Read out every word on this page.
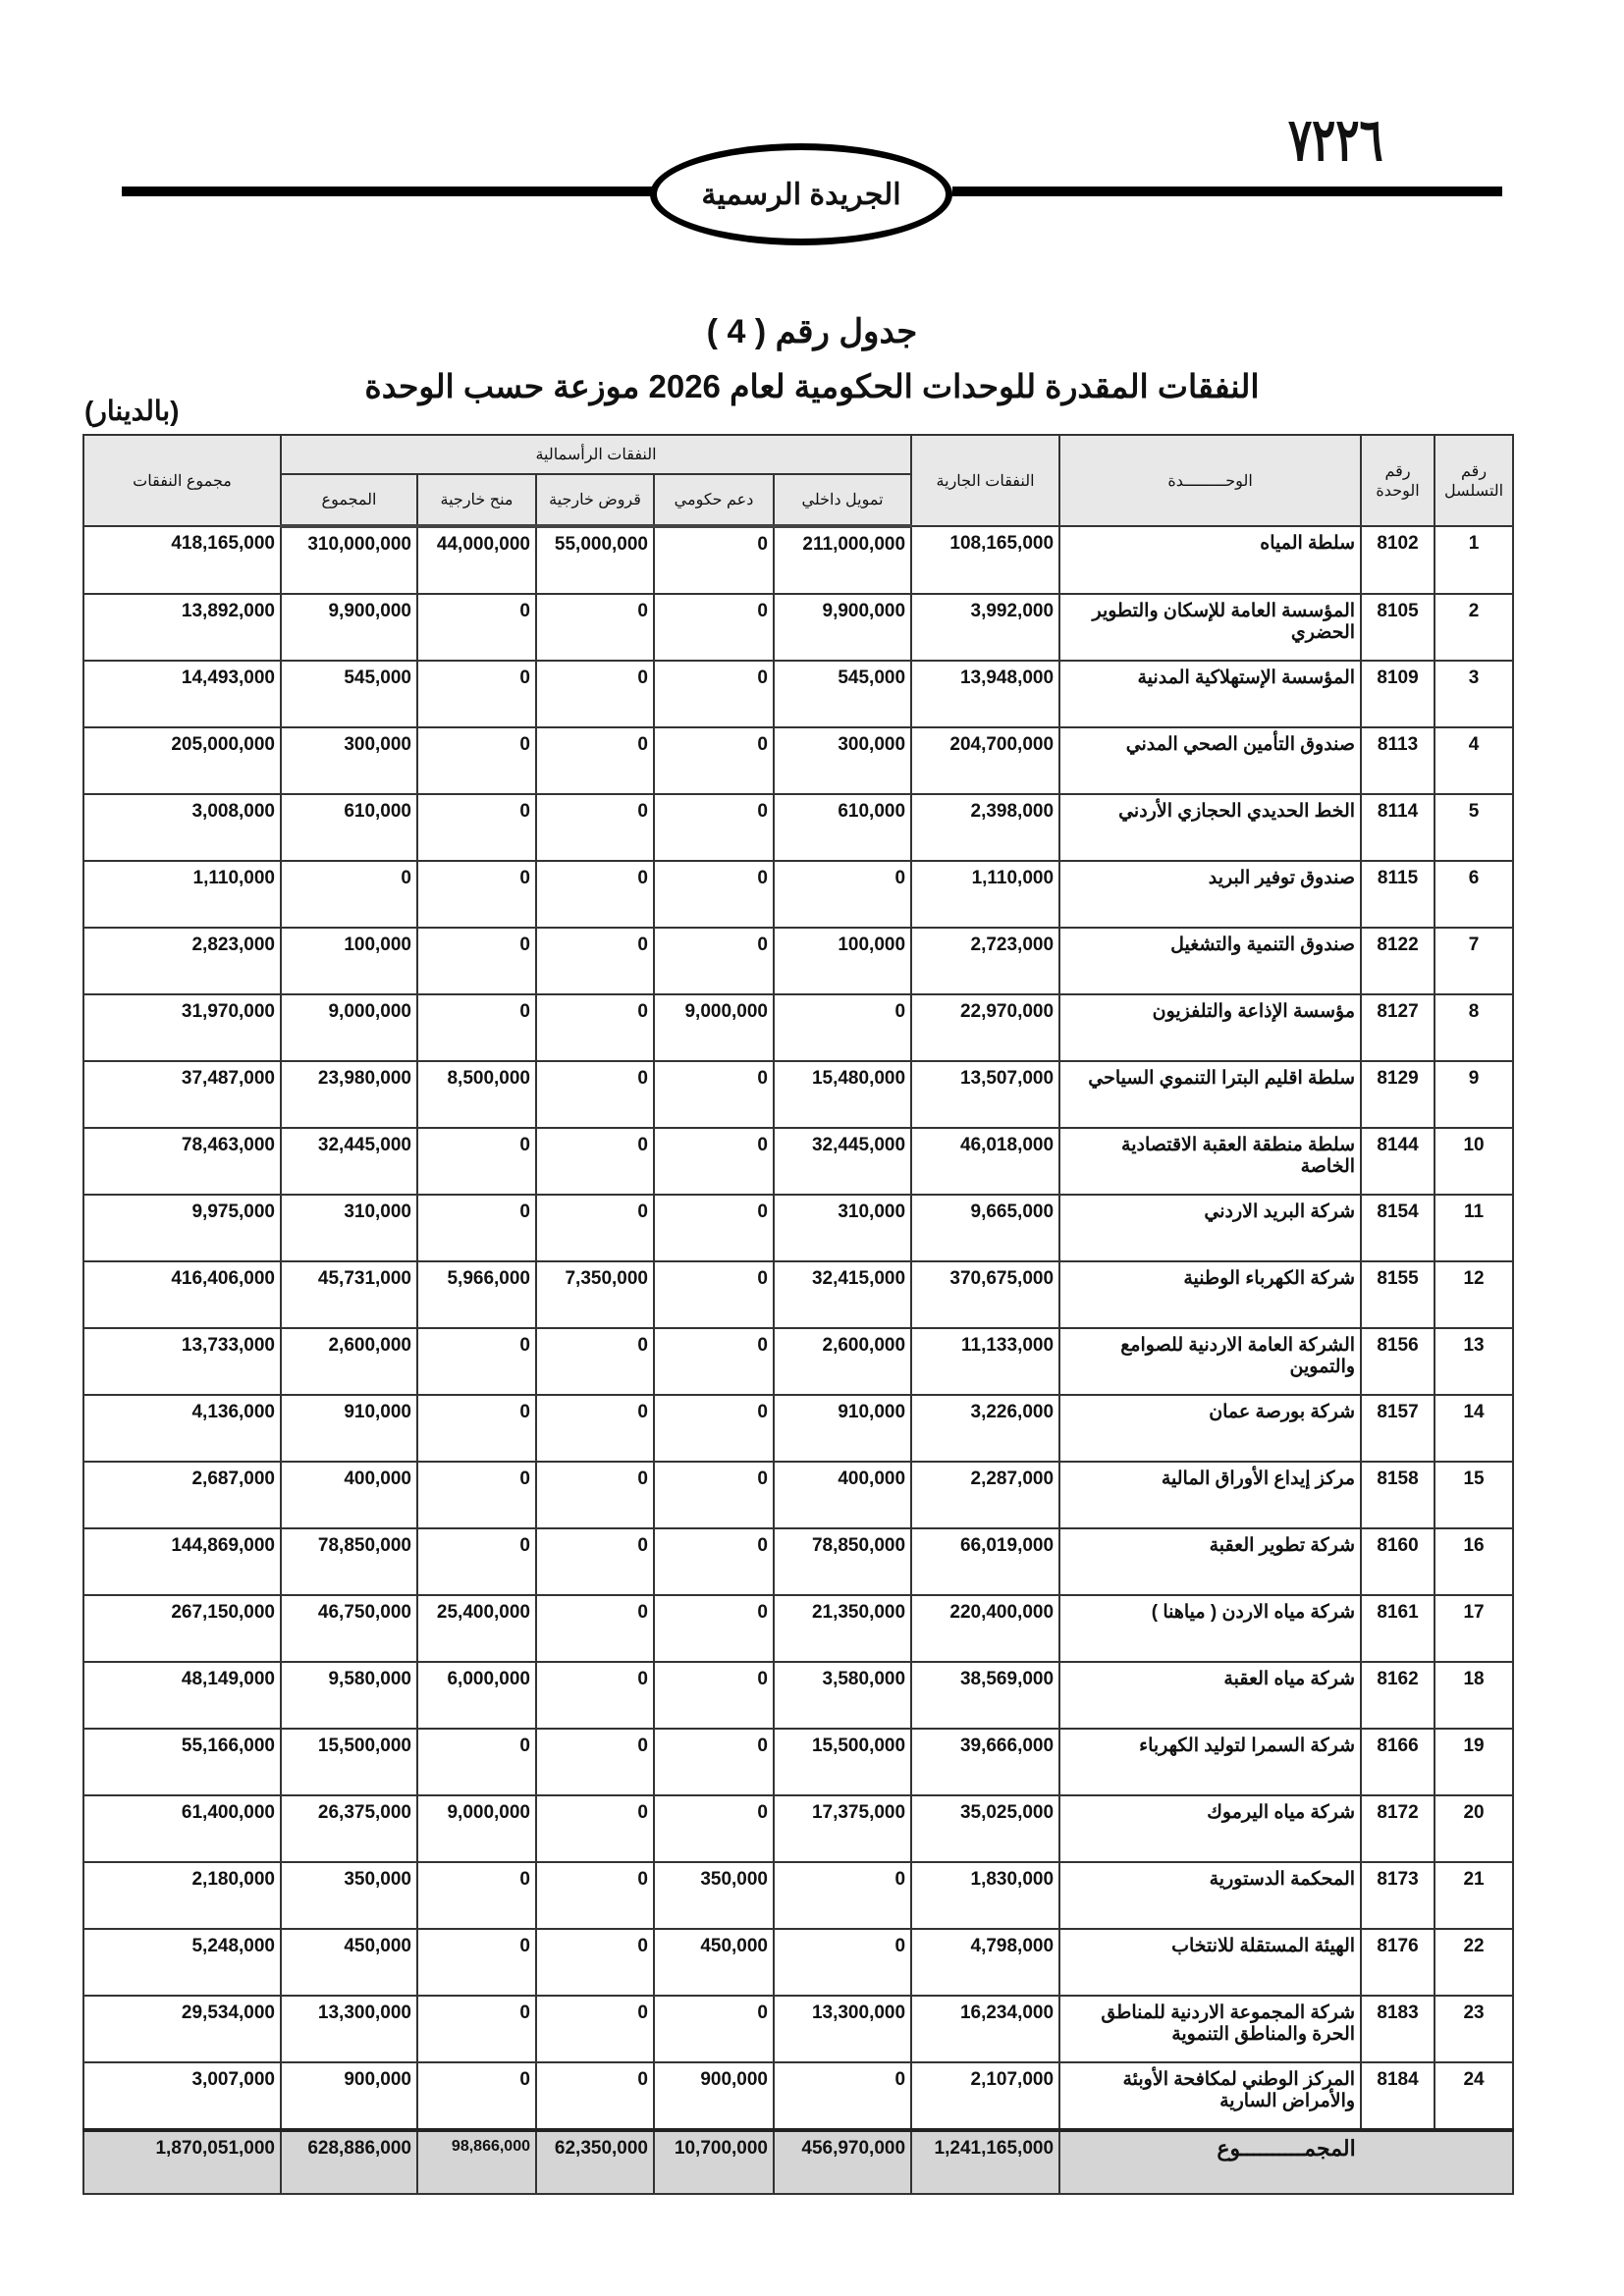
٧٢٢٦
الجريدة الرسمية
جدول رقم ( 4 )
النفقات المقدرة للوحدات الحكومية لعام 2026 موزعة حسب الوحدة
(بالدينار)
مجموع النفقات	النفقات الرأسمالية					النفقات الجارية	الوحـــــــــدة	رقم الوحدة	رقم التسلسل
	المجموع	منح خارجية	قروض خارجية	دعم حكومي	تمويل داخلي				
418,165,000	310,000,000	44,000,000	55,000,000	0	211,000,000	108,165,000	سلطة المياه	8102	1
13,892,000	9,900,000	0	0	0	9,900,000	3,992,000	المؤسسة العامة للإسكان والتطوير الحضري	8105	2
14,493,000	545,000	0	0	0	545,000	13,948,000	المؤسسة الإستهلاكية المدنية	8109	3
205,000,000	300,000	0	0	0	300,000	204,700,000	صندوق التأمين الصحي المدني	8113	4
3,008,000	610,000	0	0	0	610,000	2,398,000	الخط الحديدي الحجازي الأردني	8114	5
1,110,000	0	0	0	0	0	1,110,000	صندوق توفير البريد	8115	6
2,823,000	100,000	0	0	0	100,000	2,723,000	صندوق التنمية والتشغيل	8122	7
31,970,000	9,000,000	0	0	9,000,000	0	22,970,000	مؤسسة الإذاعة والتلفزيون	8127	8
37,487,000	23,980,000	8,500,000	0	0	15,480,000	13,507,000	سلطة اقليم البترا التنموي السياحي	8129	9
78,463,000	32,445,000	0	0	0	32,445,000	46,018,000	سلطة منطقة العقبة الاقتصادية الخاصة	8144	10
9,975,000	310,000	0	0	0	310,000	9,665,000	شركة البريد الاردني	8154	11
416,406,000	45,731,000	5,966,000	7,350,000	0	32,415,000	370,675,000	شركة الكهرباء الوطنية	8155	12
13,733,000	2,600,000	0	0	0	2,600,000	11,133,000	الشركة العامة الاردنية للصوامع والتموين	8156	13
4,136,000	910,000	0	0	0	910,000	3,226,000	شركة بورصة عمان	8157	14
2,687,000	400,000	0	0	0	400,000	2,287,000	مركز إيداع الأوراق المالية	8158	15
144,869,000	78,850,000	0	0	0	78,850,000	66,019,000	شركة تطوير العقبة	8160	16
267,150,000	46,750,000	25,400,000	0	0	21,350,000	220,400,000	شركة مياه الاردن ( مياهنا )	8161	17
48,149,000	9,580,000	6,000,000	0	0	3,580,000	38,569,000	شركة مياه العقبة	8162	18
55,166,000	15,500,000	0	0	0	15,500,000	39,666,000	شركة السمرا لتوليد الكهرباء	8166	19
61,400,000	26,375,000	9,000,000	0	0	17,375,000	35,025,000	شركة مياه اليرموك	8172	20
2,180,000	350,000	0	0	350,000	0	1,830,000	المحكمة الدستورية	8173	21
5,248,000	450,000	0	0	450,000	0	4,798,000	الهيئة المستقلة للانتخاب	8176	22
29,534,000	13,300,000	0	0	0	13,300,000	16,234,000	شركة المجموعة الاردنية للمناطق الحرة والمناطق التنموية	8183	23
3,007,000	900,000	0	0	900,000	0	2,107,000	المركز الوطني لمكافحة الأوبئة والأمراض السارية	8184	24
1,870,051,000	628,886,000	98,866,000	62,350,000	10,700,000	456,970,000	1,241,165,000	المجمــــــــــوع		
